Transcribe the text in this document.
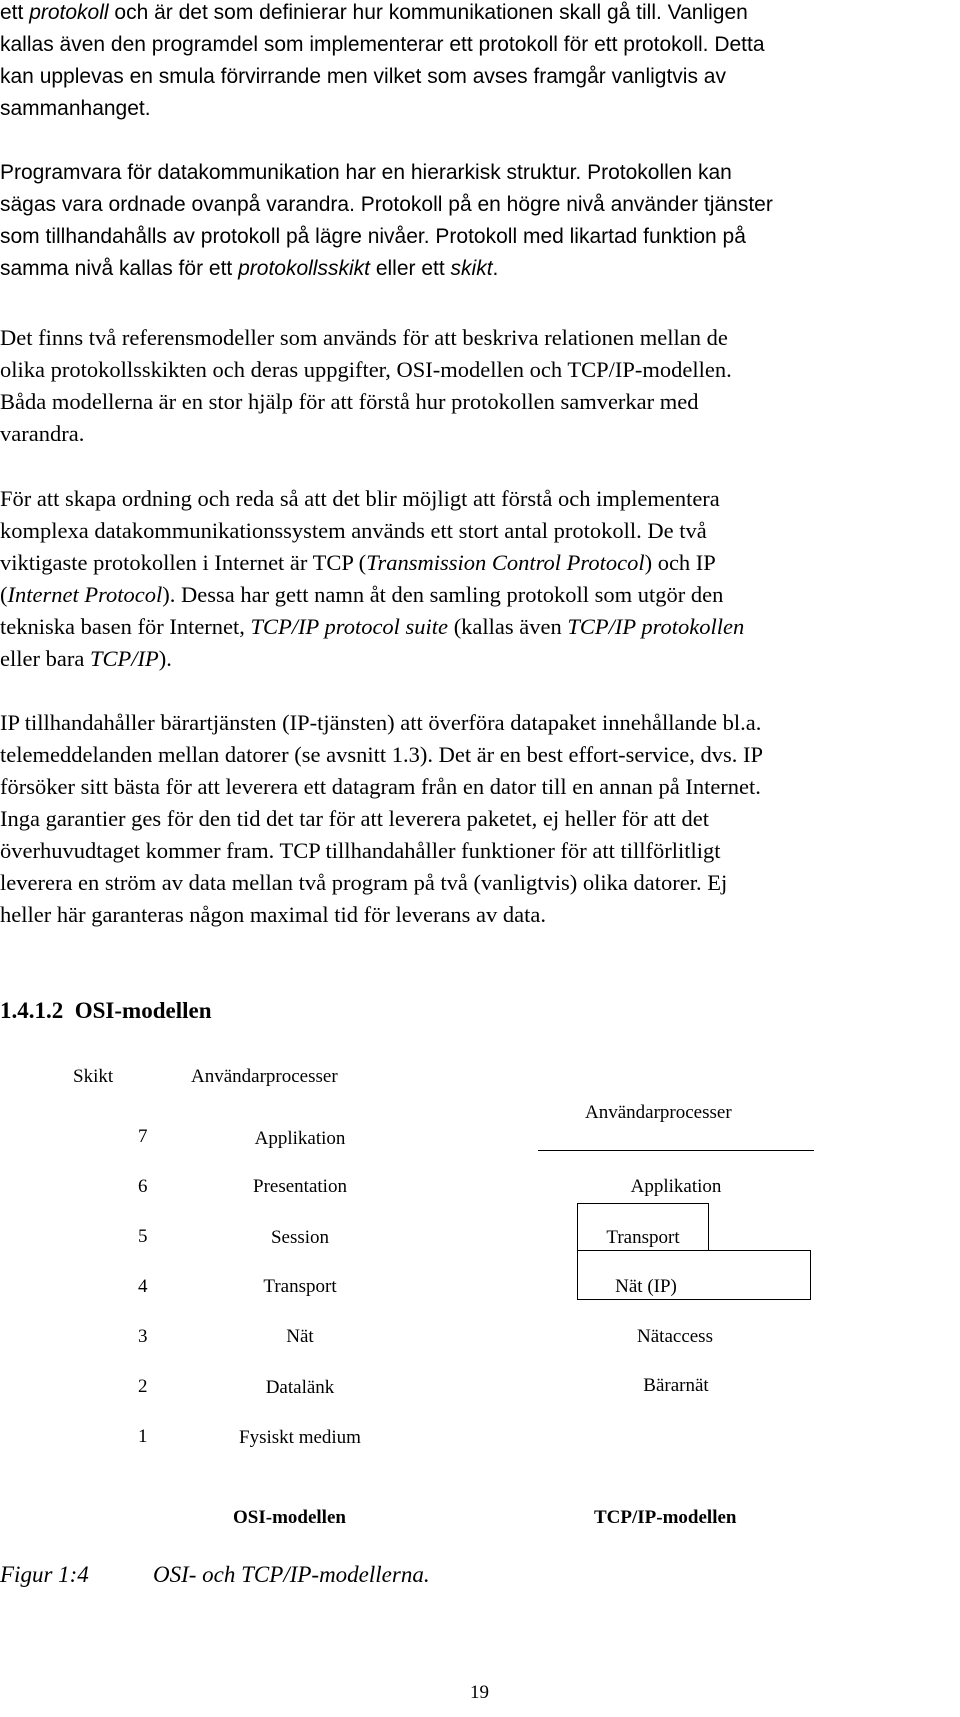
ett protokoll och är det som definierar hur kommunikationen skall gå till. Vanligen
kallas även den programdel som implementerar ett protokoll för ett protokoll. Detta
kan upplevas en smula förvirrande men vilket som avses framgår vanligtvis av
sammanhanget.
Programvara för datakommunikation har en hierarkisk struktur. Protokollen kan
sägas vara ordnade ovanpå varandra. Protokoll på en högre nivå använder tjänster
som tillhandahålls av protokoll på lägre nivåer. Protokoll med likartad funktion på
samma nivå kallas för ett protokollsskikt eller ett skikt.
Det finns två referensmodeller som används för att beskriva relationen mellan de
olika protokollsskikten och deras uppgifter, OSI-modellen och TCP/IP-modellen.
Båda modellerna är en stor hjälp för att förstå hur protokollen samverkar med
varandra.
För att skapa ordning och reda så att det blir möjligt att förstå och implementera
komplexa datakommunikationssystem används ett stort antal protokoll. De två
viktigaste protokollen i Internet är TCP (Transmission Control Protocol) och IP
(Internet Protocol). Dessa har gett namn åt den samling protokoll som utgör den
tekniska basen för Internet, TCP/IP protocol suite (kallas även TCP/IP protokollen
eller bara TCP/IP).
IP tillhandahåller bärartjänsten (IP-tjänsten) att överföra datapaket innehållande bl.a.
telemeddelanden mellan datorer (se avsnitt 1.3). Det är en best effort-service, dvs. IP
försöker sitt bästa för att leverera ett datagram från en dator till en annan på Internet.
Inga garantier ges för den tid det tar för att leverera paketet, ej heller för att det
överhuvudtaget kommer fram. TCP tillhandahåller funktioner för att tillförlitligt
leverera en ström av data mellan två program på två (vanligtvis) olika datorer. Ej
heller här garanteras någon maximal tid för leverans av data.
1.4.1.2  OSI-modellen
Skikt	Användarprocesser
7	Applikation
6	Presentation
5	Session
4	Transport
3	Nät
2	Datalänk
1	Fysiskt medium
Användarprocesser
Applikation
Transport
Nät (IP)
Nätaccess
Bärarnät
OSI-modellen	TCP/IP-modellen
Figur 1:4	OSI- och TCP/IP-modellerna.
19
